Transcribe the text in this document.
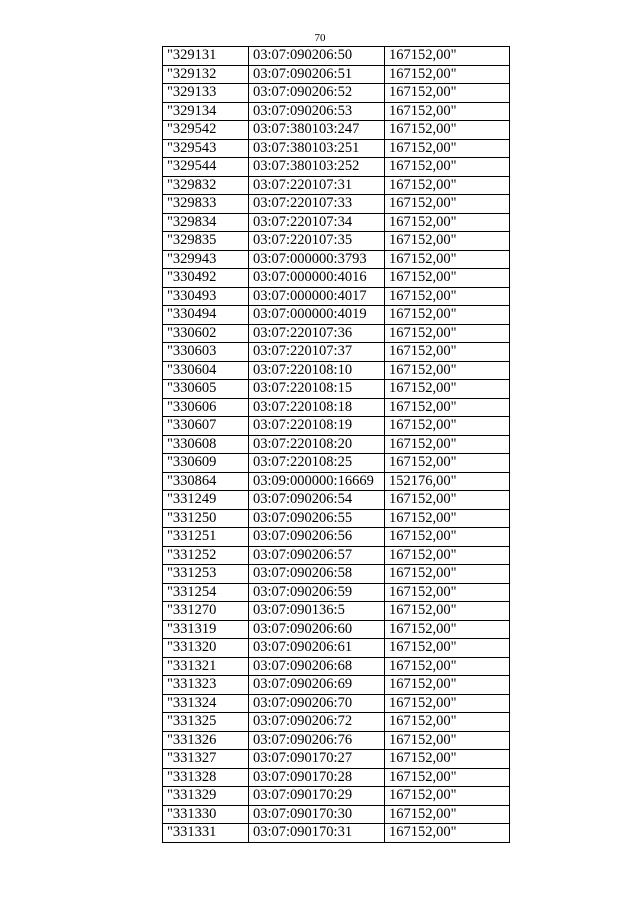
70
"329131	03:07:090206:50	167152,00"
"329132	03:07:090206:51	167152,00"
"329133	03:07:090206:52	167152,00"
"329134	03:07:090206:53	167152,00"
"329542	03:07:380103:247	167152,00"
"329543	03:07:380103:251	167152,00"
"329544	03:07:380103:252	167152,00"
"329832	03:07:220107:31	167152,00"
"329833	03:07:220107:33	167152,00"
"329834	03:07:220107:34	167152,00"
"329835	03:07:220107:35	167152,00"
"329943	03:07:000000:3793	167152,00"
"330492	03:07:000000:4016	167152,00"
"330493	03:07:000000:4017	167152,00"
"330494	03:07:000000:4019	167152,00"
"330602	03:07:220107:36	167152,00"
"330603	03:07:220107:37	167152,00"
"330604	03:07:220108:10	167152,00"
"330605	03:07:220108:15	167152,00"
"330606	03:07:220108:18	167152,00"
"330607	03:07:220108:19	167152,00"
"330608	03:07:220108:20	167152,00"
"330609	03:07:220108:25	167152,00"
"330864	03:09:000000:16669	152176,00"
"331249	03:07:090206:54	167152,00"
"331250	03:07:090206:55	167152,00"
"331251	03:07:090206:56	167152,00"
"331252	03:07:090206:57	167152,00"
"331253	03:07:090206:58	167152,00"
"331254	03:07:090206:59	167152,00"
"331270	03:07:090136:5	167152,00"
"331319	03:07:090206:60	167152,00"
"331320	03:07:090206:61	167152,00"
"331321	03:07:090206:68	167152,00"
"331323	03:07:090206:69	167152,00"
"331324	03:07:090206:70	167152,00"
"331325	03:07:090206:72	167152,00"
"331326	03:07:090206:76	167152,00"
"331327	03:07:090170:27	167152,00"
"331328	03:07:090170:28	167152,00"
"331329	03:07:090170:29	167152,00"
"331330	03:07:090170:30	167152,00"
"331331	03:07:090170:31	167152,00"
